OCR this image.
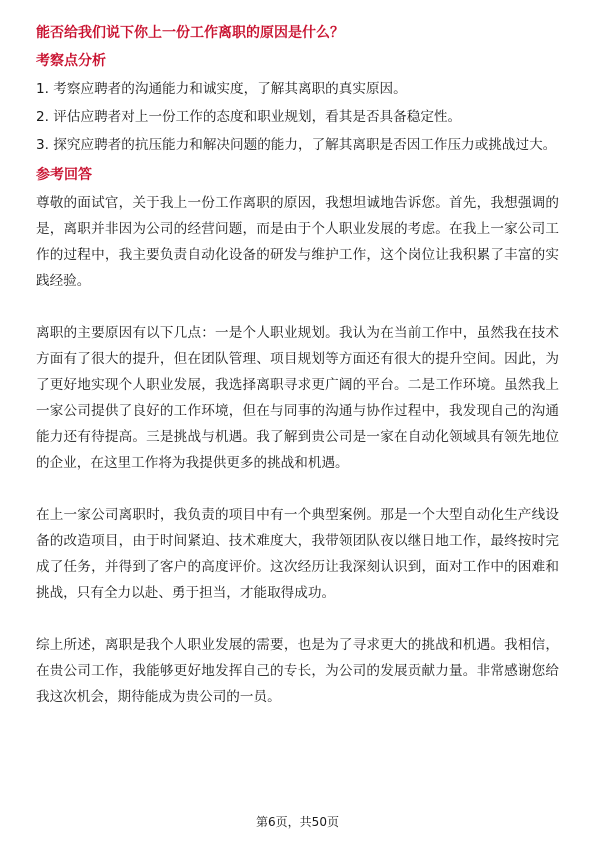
能否给我们说下你上一份工作离职的原因是什么？
考察点分析
1. 考察应聘者的沟通能力和诚实度，了解其离职的真实原因。
2. 评估应聘者对上一份工作的态度和职业规划，看其是否具备稳定性。
3. 探究应聘者的抗压能力和解决问题的能力，了解其离职是否因工作压力或挑战过大。
参考回答
尊敬的面试官，关于我上一份工作离职的原因，我想坦诚地告诉您。首先，我想强调的是，离职并非因为公司的经营问题，而是由于个人职业发展的考虑。在我上一家公司工作的过程中，我主要负责自动化设备的研发与维护工作，这个岗位让我积累了丰富的实践经验。
离职的主要原因有以下几点：一是个人职业规划。我认为在当前工作中，虽然我在技术方面有了很大的提升，但在团队管理、项目规划等方面还有很大的提升空间。因此，为了更好地实现个人职业发展，我选择离职寻求更广阔的平台。二是工作环境。虽然我上一家公司提供了良好的工作环境，但在与同事的沟通与协作过程中，我发现自己的沟通能力还有待提高。三是挑战与机遇。我了解到贵公司是一家在自动化领域具有领先地位的企业，在这里工作将为我提供更多的挑战和机遇。
在上一家公司离职时，我负责的项目中有一个典型案例。那是一个大型自动化生产线设备的改造项目，由于时间紧迫、技术难度大，我带领团队夜以继日地工作，最终按时完成了任务，并得到了客户的高度评价。这次经历让我深刻认识到，面对工作中的困难和挑战，只有全力以赴、勇于担当，才能取得成功。
综上所述，离职是我个人职业发展的需要，也是为了寻求更大的挑战和机遇。我相信，在贵公司工作，我能够更好地发挥自己的专长，为公司的发展贡献力量。非常感谢您给我这次机会，期待能成为贵公司的一员。
第6页，共50页
